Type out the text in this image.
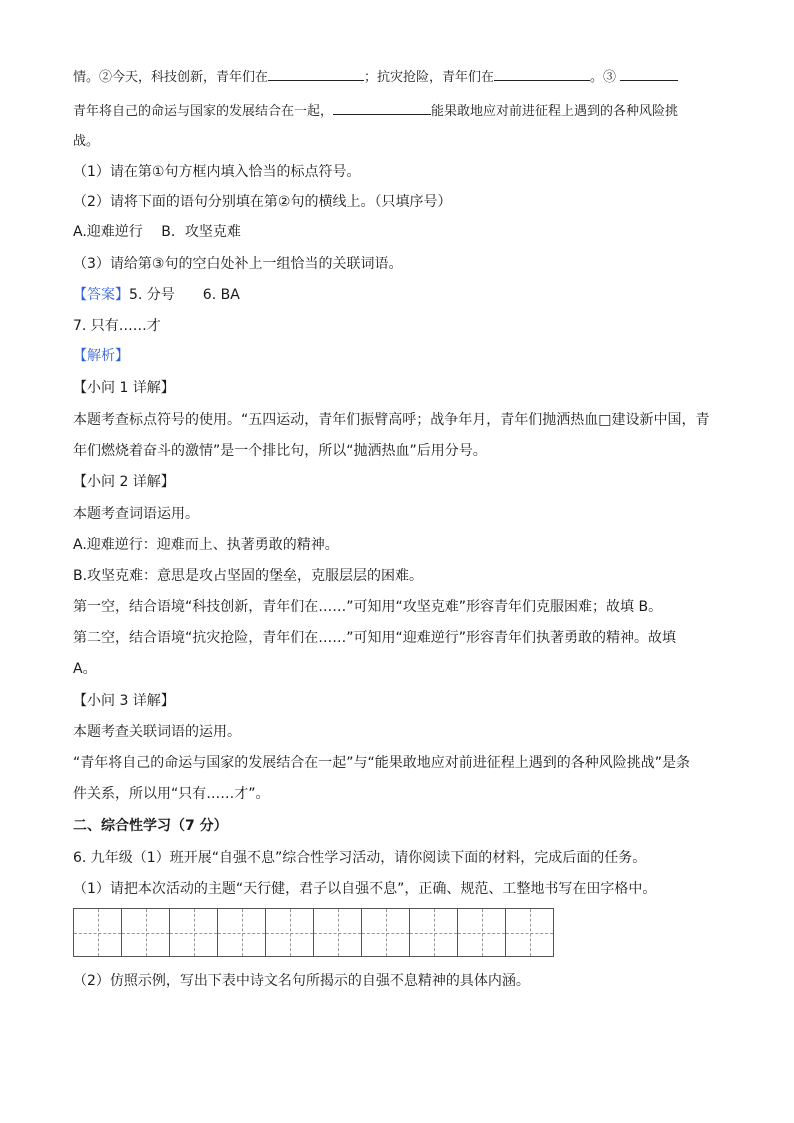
情。②今天，科技创新，青年们在	；抗灾抢险，青年们在	。③
青年将自己的命运与国家的发展结合在一起，	能果敢地应对前进征程上遇到的各种风险挑
战。
（1）请在第①句方框内填入恰当的标点符号。
（2）请将下面的语句分别填在第②句的横线上。（只填序号）
A.迎难逆行　 B．攻坚克难
（3）请给第③句的空白处补上一组恰当的关联词语。
【答案】5. 分号　　6. BA
7. 只有……才
【解析】
【小问 1 详解】
本题考查标点符号的使用。“五四运动，青年们振臂高呼；战争年月，青年们抛洒热血□建设新中国，青
年们燃烧着奋斗的激情”是一个排比句，所以“抛洒热血”后用分号。
【小问 2 详解】
本题考查词语运用。
A.迎难逆行：迎难而上、执著勇敢的精神。
B.攻坚克难：意思是攻占坚固的堡垒，克服层层的困难。
第一空，结合语境“科技创新，青年们在……”可知用“攻坚克难”形容青年们克服困难；故填 B。
第二空，结合语境“抗灾抢险，青年们在……”可知用“迎难逆行”形容青年们执著勇敢的精神。故填
A。
【小问 3 详解】
本题考查关联词语的运用。
“青年将自己的命运与国家的发展结合在一起”与“能果敢地应对前进征程上遇到的各种风险挑战”是条
件关系，所以用“只有……才”。
二、综合性学习（7 分）
6. 九年级（1）班开展“自强不息”综合性学习活动，请你阅读下面的材料，完成后面的任务。
（1）请把本次活动的主题“天行健，君子以自强不息”，正确、规范、工整地书写在田字格中。
（2）仿照示例，写出下表中诗文名句所揭示的自强不息精神的具体内涵。
